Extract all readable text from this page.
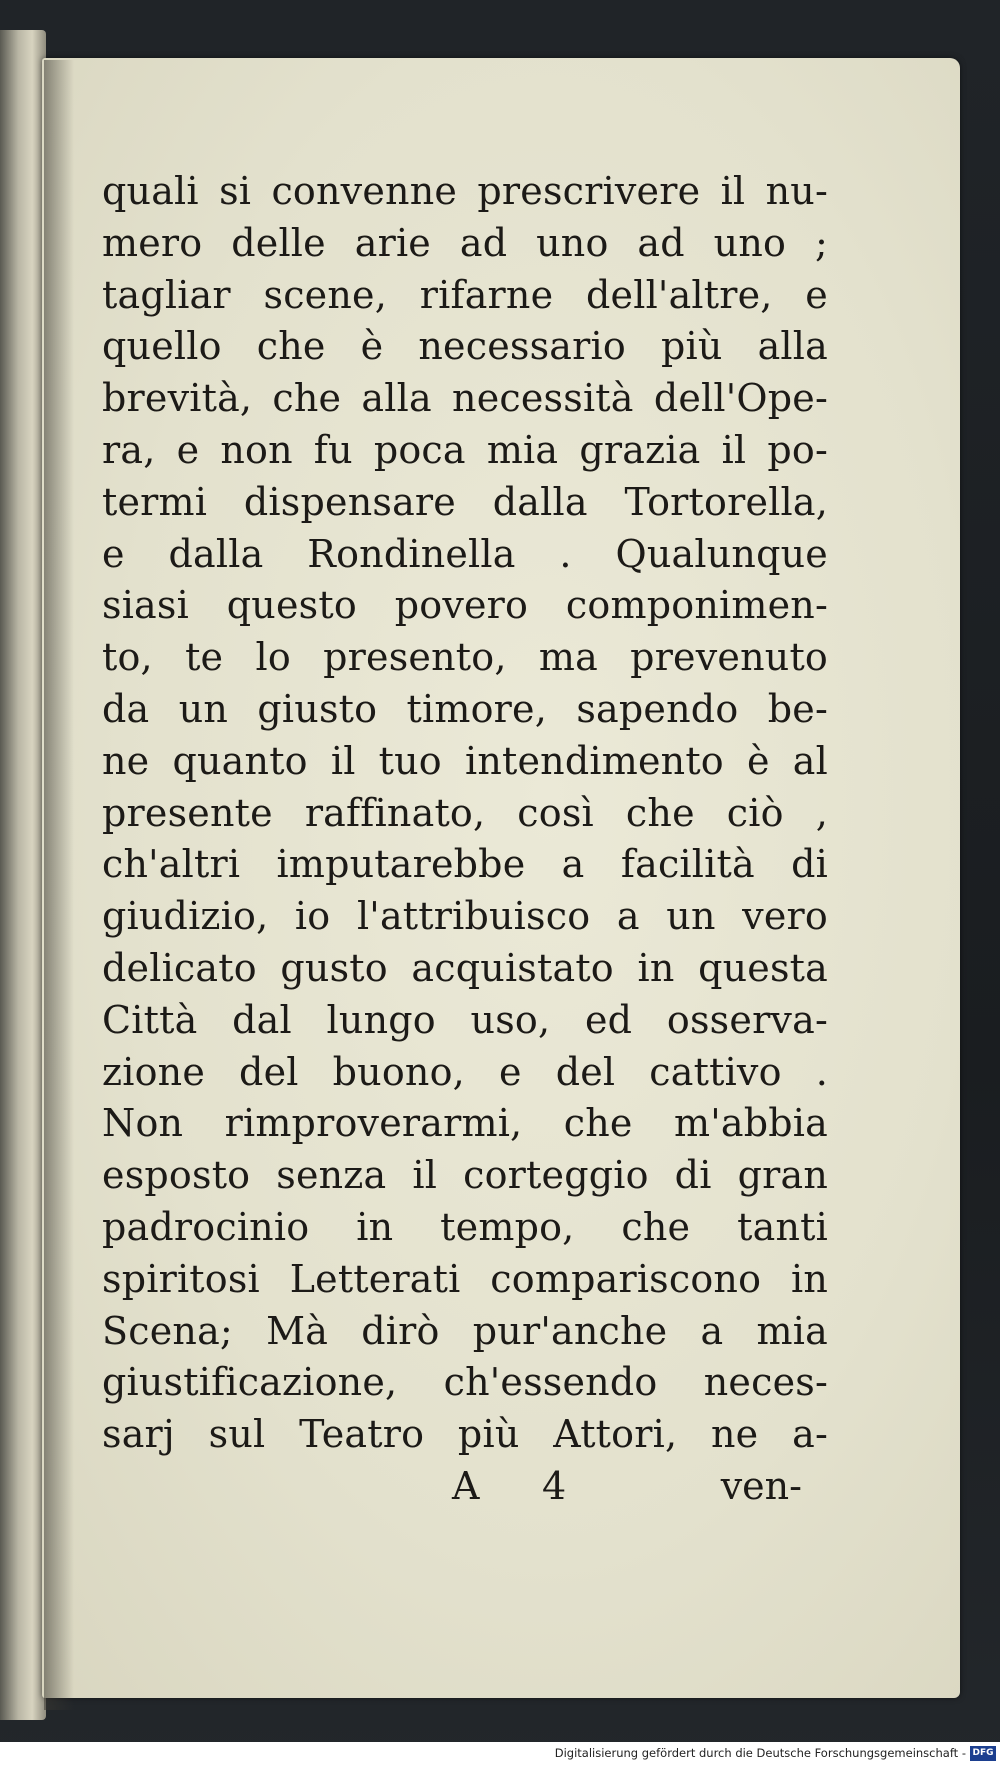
quali si convenne prescrivere il nu-
mero delle arie ad uno ad uno ;
tagliar scene, rifarne dell'altre, e
quello che è necessario più alla
brevità, che alla necessità dell'Ope-
ra, e non fu poca mia grazia il po-
termi dispensare dalla Tortorella,
e dalla Rondinella . Qualunque
siasi questo povero componimen-
to, te lo presento, ma prevenuto
da un giusto timore, sapendo be-
ne quanto il tuo intendimento è al
presente raffinato, così che ciò ,
ch'altri imputarebbe a facilità di
giudizio, io l'attribuisco a un vero
delicato gusto acquistato in questa
Città dal lungo uso, ed osserva-
zione del buono, e del cattivo .
Non rimproverarmi, che m'abbia
esposto senza il corteggio di gran
padrocinio in tempo, che tanti
spiritosi Letterati compariscono in
Scena; Mà dirò pur'anche a mia
giustificazione, ch'essendo neces-
sarj sul Teatro più Attori, ne a-
A 4	ven-
Digitalisierung gefördert durch die Deutsche Forschungsgemeinschaft - DFG
